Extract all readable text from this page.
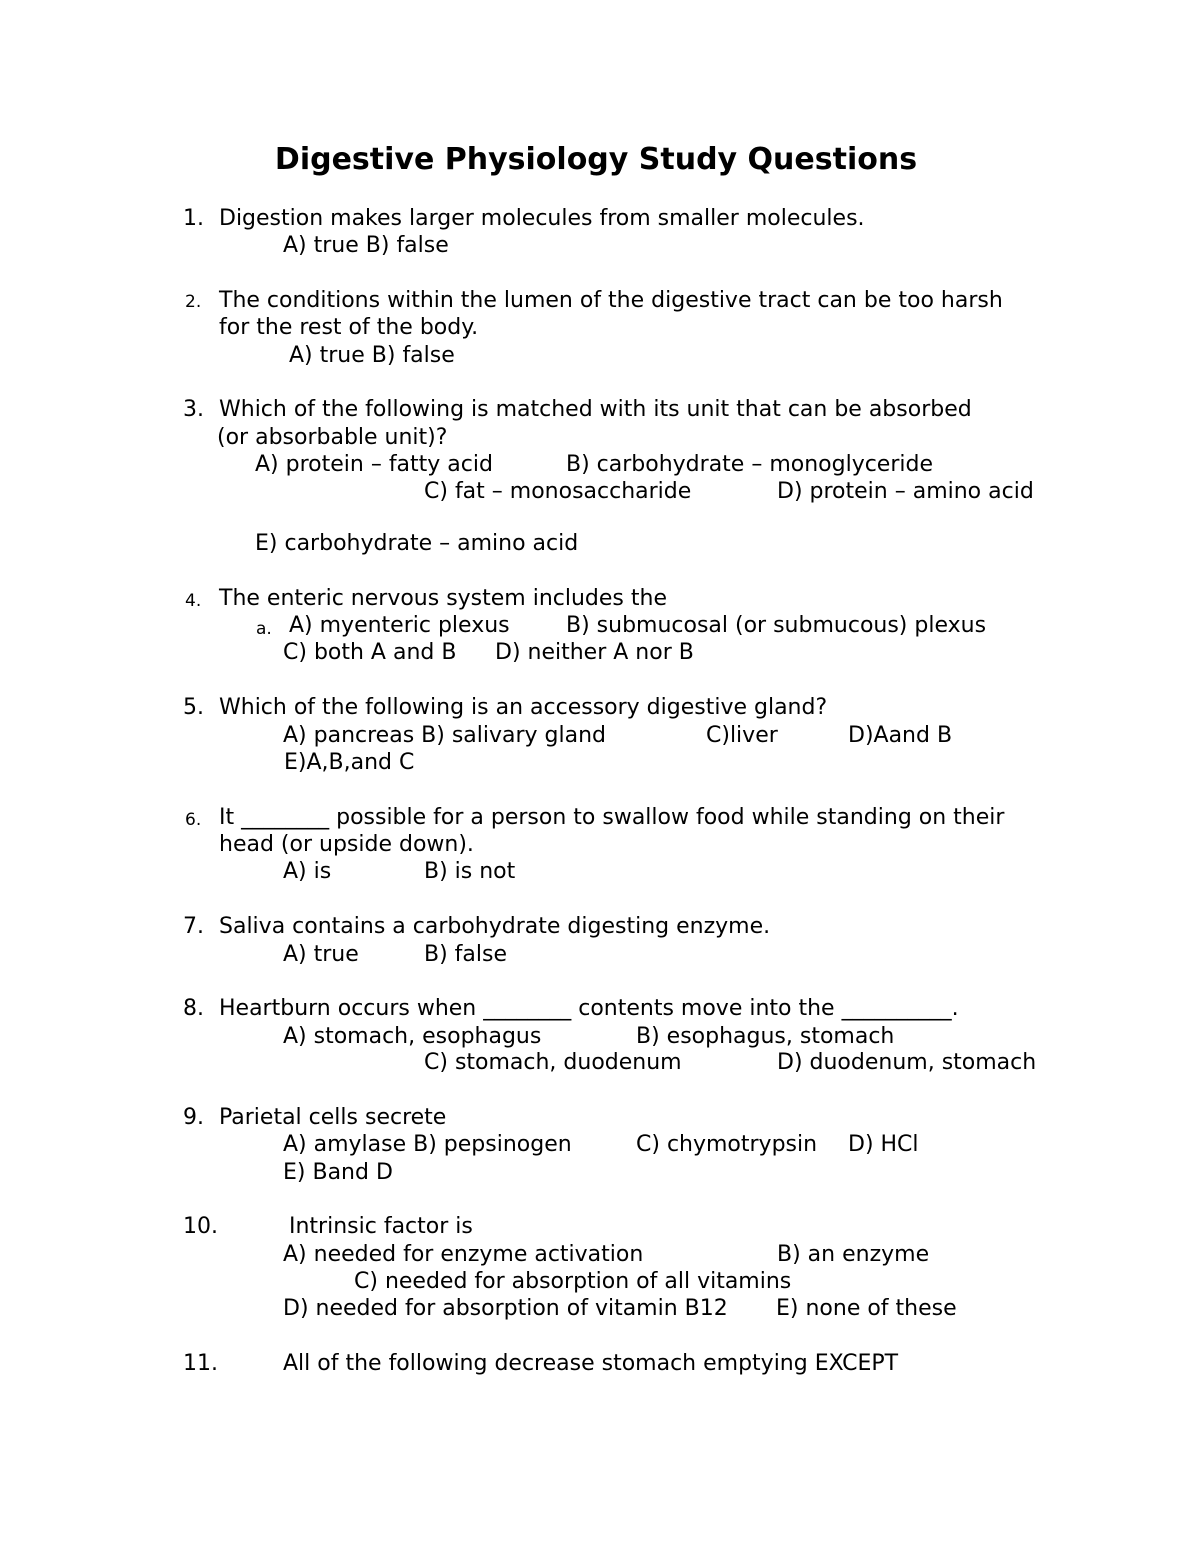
Digestive Physiology Study Questions
1. Digestion makes larger molecules from smaller molecules.
A) true B) false
2. The conditions within the lumen of the digestive tract can be too harsh
for the rest of the body.
A) true B) false
3. Which of the following is matched with its unit that can be absorbed
(or absorbable unit)?
A) protein – fatty acid	B) carbohydrate – monoglyceride
C) fat – monosaccharide	D) protein – amino acid
E) carbohydrate – amino acid
4. The enteric nervous system includes the
a. A) myenteric plexus	B) submucosal (or submucous) plexus
C) both A and B D) neither A nor B
5. Which of the following is an accessory digestive gland?
A) pancreas B) salivary gland	C)liver	D)Aand B
E)A,B,and C
6. It ________ possible for a person to swallow food while standing on their
head (or upside down).
A) is	B) is not
7. Saliva contains a carbohydrate digesting enzyme.
A) true	B) false
8. Heartburn occurs when ________ contents move into the __________.
A) stomach, esophagus	B) esophagus, stomach
C) stomach, duodenum	D) duodenum, stomach
9. Parietal cells secrete
A) amylase B) pepsinogen	C) chymotrypsin D) HCl
E) Band D
10.	Intrinsic factor is
A) needed for enzyme activation	B) an enzyme
C) needed for absorption of all vitamins
D) needed for absorption of vitamin B12 E) none of these
11.	All of the following decrease stomach emptying EXCEPT
